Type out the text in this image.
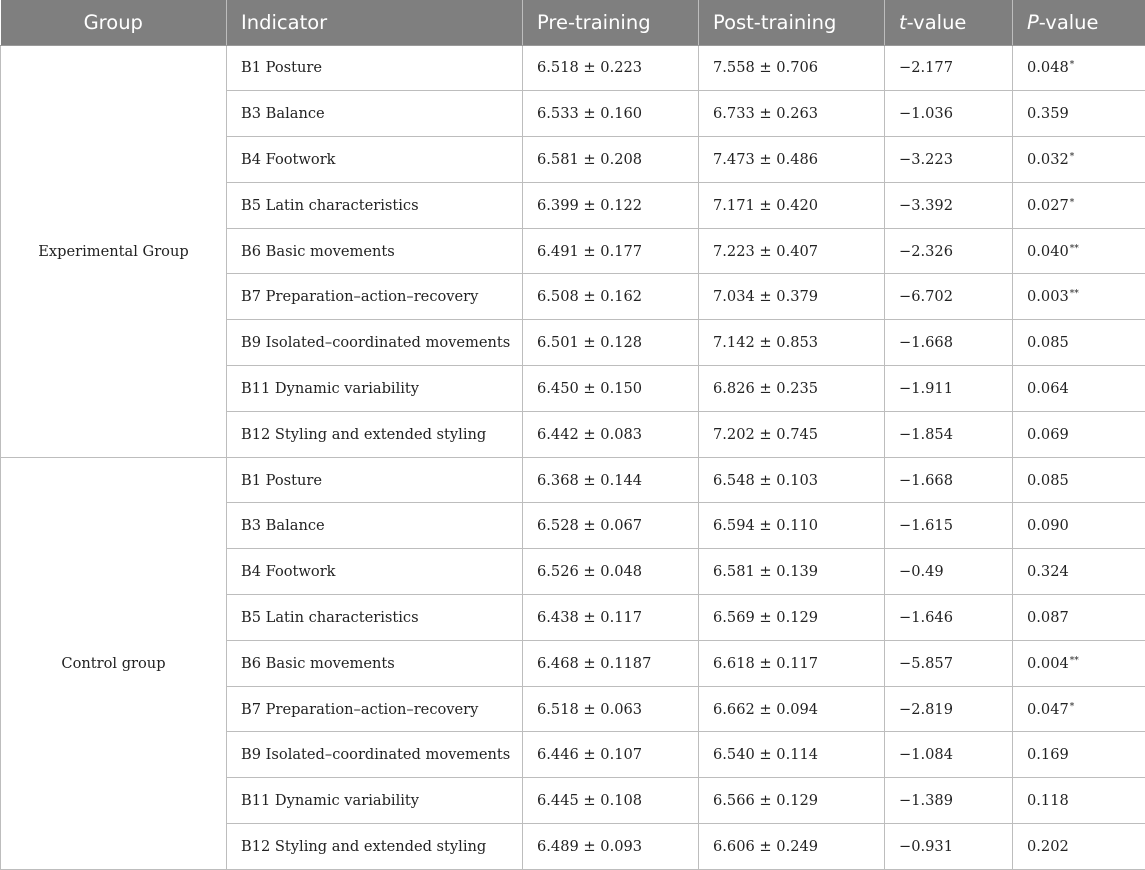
Group	Indicator	Pre-training	Post-training	t-value	P-value
Experimental Group	B1 Posture	6.518 ± 0.223	7.558 ± 0.706	−2.177	0.048*
	B3 Balance	6.533 ± 0.160	6.733 ± 0.263	−1.036	0.359
	B4 Footwork	6.581 ± 0.208	7.473 ± 0.486	−3.223	0.032*
	B5 Latin characteristics	6.399 ± 0.122	7.171 ± 0.420	−3.392	0.027*
	B6 Basic movements	6.491 ± 0.177	7.223 ± 0.407	−2.326	0.040**
	B7 Preparation–action–recovery	6.508 ± 0.162	7.034 ± 0.379	−6.702	0.003**
	B9 Isolated–coordinated movements	6.501 ± 0.128	7.142 ± 0.853	−1.668	0.085
	B11 Dynamic variability	6.450 ± 0.150	6.826 ± 0.235	−1.911	0.064
	B12 Styling and extended styling	6.442 ± 0.083	7.202 ± 0.745	−1.854	0.069
Control group	B1 Posture	6.368 ± 0.144	6.548 ± 0.103	−1.668	0.085
	B3 Balance	6.528 ± 0.067	6.594 ± 0.110	−1.615	0.090
	B4 Footwork	6.526 ± 0.048	6.581 ± 0.139	−0.49	0.324
	B5 Latin characteristics	6.438 ± 0.117	6.569 ± 0.129	−1.646	0.087
	B6 Basic movements	6.468 ± 0.1187	6.618 ± 0.117	−5.857	0.004**
	B7 Preparation–action–recovery	6.518 ± 0.063	6.662 ± 0.094	−2.819	0.047*
	B9 Isolated–coordinated movements	6.446 ± 0.107	6.540 ± 0.114	−1.084	0.169
	B11 Dynamic variability	6.445 ± 0.108	6.566 ± 0.129	−1.389	0.118
	B12 Styling and extended styling	6.489 ± 0.093	6.606 ± 0.249	−0.931	0.202
